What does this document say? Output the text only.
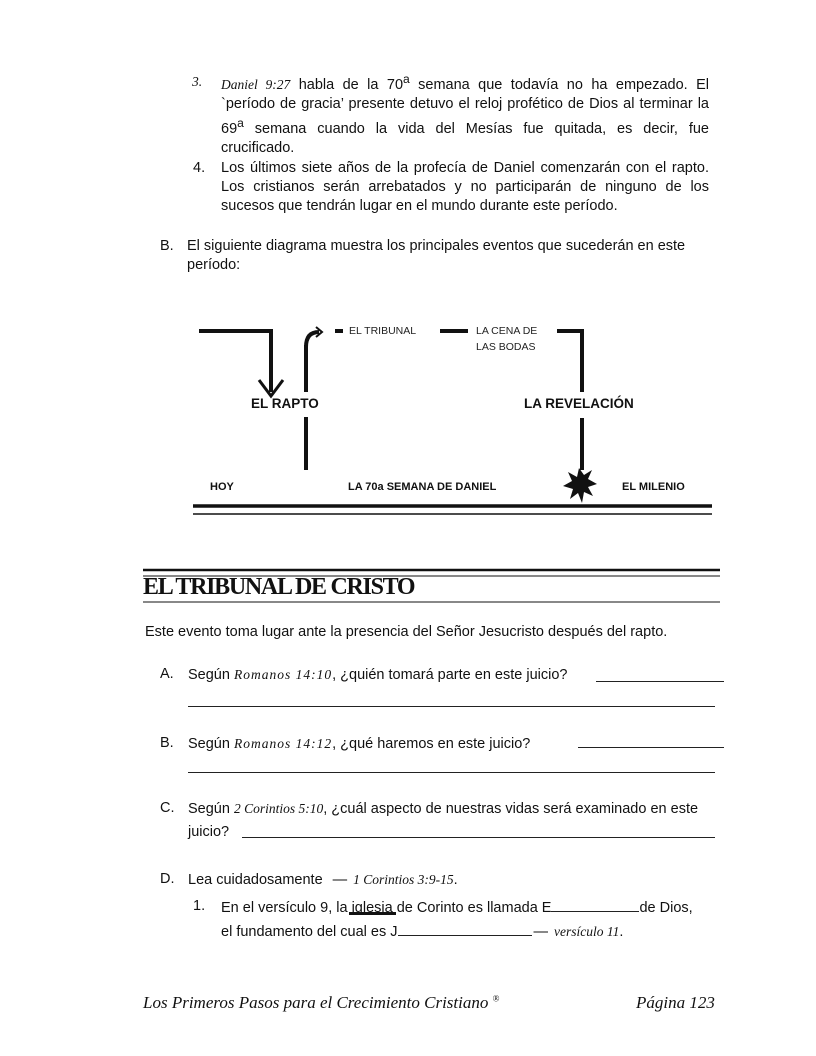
3.	Daniel 9:27 habla de la 70$^a$ semana que todavía no ha empezado. El `período de gracia’ presente detuvo el reloj profético de Dios al terminar la 69$^a$ semana cuando la vida del Mesías fue quitada, es decir, fue crucificado.
4. Los últimos siete años de la profecía de Daniel comenzarán con el rapto. Los cristianos serán arrebatados y no participarán de ninguno de los sucesos que tendrán lugar en el mundo durante este período.
B. El siguiente diagrama muestra los principales eventos que sucederán en este período:
EL TRIBUNAL	LA CENA DE
LAS BODAS
EL RAPTO	LA REVELACIÓN
HOY	LA 70a SEMANA DE DANIEL	EL MILENIO
EL TRIBUNAL DE CRISTO
Este evento toma lugar ante la presencia del Señor Jesucristo después del rapto.
A. Según Romanos 14:10, ¿quién tomará parte en este juicio?
B. Según Romanos 14:12, ¿qué haremos en este juicio?
C. Según 2 Corintios 5:10, ¿cuál aspecto de nuestras vidas será examinado en este
juicio?
D. Lea cuidadosamente — 1 Corintios 3:9-15.
1. En el versículo 9, la iglesia
de Corinto es llamada E	de Dios,
el fundamento del cual es J	— versículo 11.
Los Primeros Pasos para el Crecimiento Cristiano ®	Página 123
